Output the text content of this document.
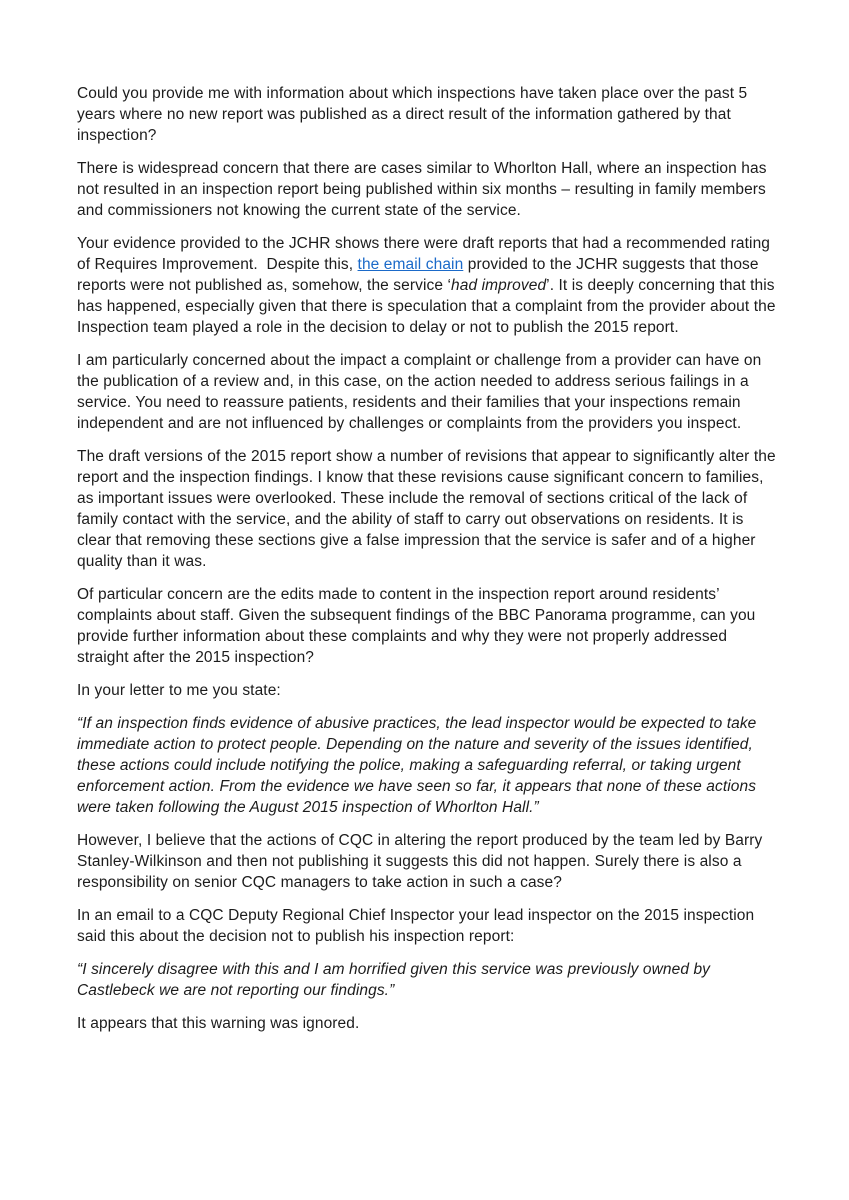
Could you provide me with information about which inspections have taken place over the past 5 years where no new report was published as a direct result of the information gathered by that inspection?

There is widespread concern that there are cases similar to Whorlton Hall, where an inspection has not resulted in an inspection report being published within six months – resulting in family members and commissioners not knowing the current state of the service.

Your evidence provided to the JCHR shows there were draft reports that had a recommended rating of Requires Improvement.  Despite this, the email chain provided to the JCHR suggests that those reports were not published as, somehow, the service ‘had improved’. It is deeply concerning that this has happened, especially given that there is speculation that a complaint from the provider about the Inspection team played a role in the decision to delay or not to publish the 2015 report.

I am particularly concerned about the impact a complaint or challenge from a provider can have on the publication of a review and, in this case, on the action needed to address serious failings in a service. You need to reassure patients, residents and their families that your inspections remain independent and are not influenced by challenges or complaints from the providers you inspect.

The draft versions of the 2015 report show a number of revisions that appear to significantly alter the report and the inspection findings. I know that these revisions cause significant concern to families, as important issues were overlooked. These include the removal of sections critical of the lack of family contact with the service, and the ability of staff to carry out observations on residents. It is clear that removing these sections give a false impression that the service is safer and of a higher quality than it was.

Of particular concern are the edits made to content in the inspection report around residents’ complaints about staff. Given the subsequent findings of the BBC Panorama programme, can you provide further information about these complaints and why they were not properly addressed straight after the 2015 inspection?

In your letter to me you state:

“If an inspection finds evidence of abusive practices, the lead inspector would be expected to take immediate action to protect people. Depending on the nature and severity of the issues identified, these actions could include notifying the police, making a safeguarding referral, or taking urgent enforcement action. From the evidence we have seen so far, it appears that none of these actions were taken following the August 2015 inspection of Whorlton Hall.”

However, I believe that the actions of CQC in altering the report produced by the team led by Barry Stanley-Wilkinson and then not publishing it suggests this did not happen. Surely there is also a responsibility on senior CQC managers to take action in such a case?

In an email to a CQC Deputy Regional Chief Inspector your lead inspector on the 2015 inspection said this about the decision not to publish his inspection report:

“I sincerely disagree with this and I am horrified given this service was previously owned by Castlebeck we are not reporting our findings.”

It appears that this warning was ignored.
